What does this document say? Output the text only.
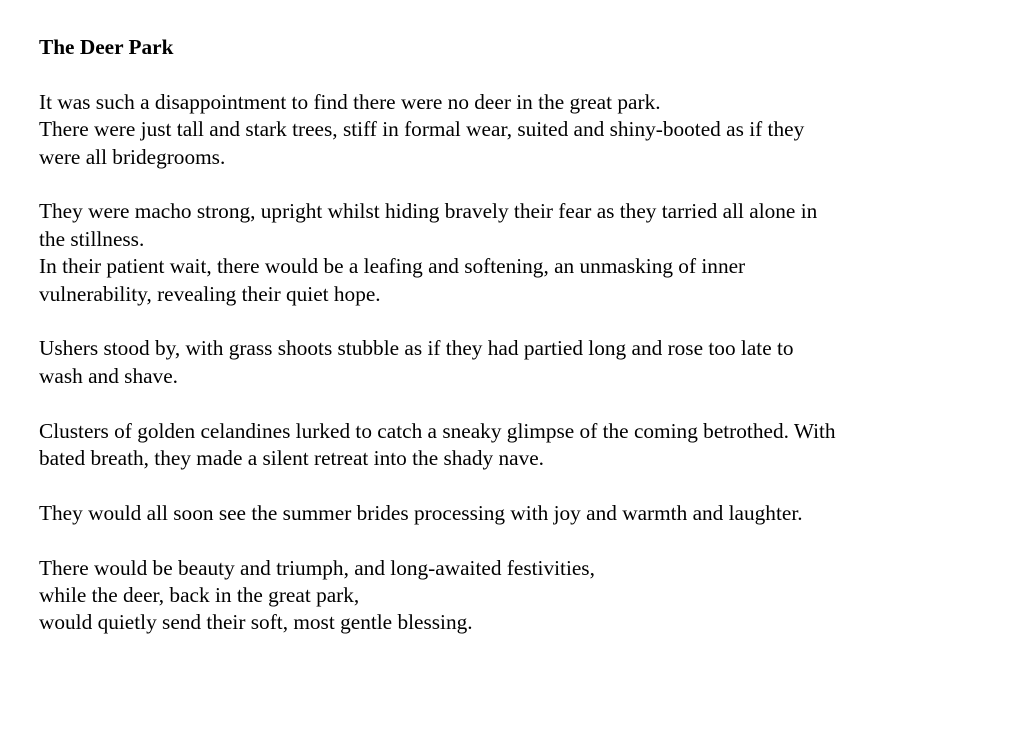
The Deer Park
It was such a disappointment to find there were no deer in the great park.
There were just tall and stark trees, stiff in formal wear, suited and shiny-booted as if they
were all bridegrooms.
They were macho strong, upright whilst hiding bravely their fear as they tarried all alone in
the stillness.
In their patient wait, there would be a leafing and softening, an unmasking of inner
vulnerability, revealing their quiet hope.
Ushers stood by, with grass shoots stubble as if they had partied long and rose too late to
wash and shave.
Clusters of golden celandines lurked to catch a sneaky glimpse of the coming betrothed. With
bated breath, they made a silent retreat into the shady nave.
They would all soon see the summer brides processing with joy and warmth and laughter.
There would be beauty and triumph, and long-awaited festivities,
while the deer, back in the great park,
would quietly send their soft, most gentle blessing.
